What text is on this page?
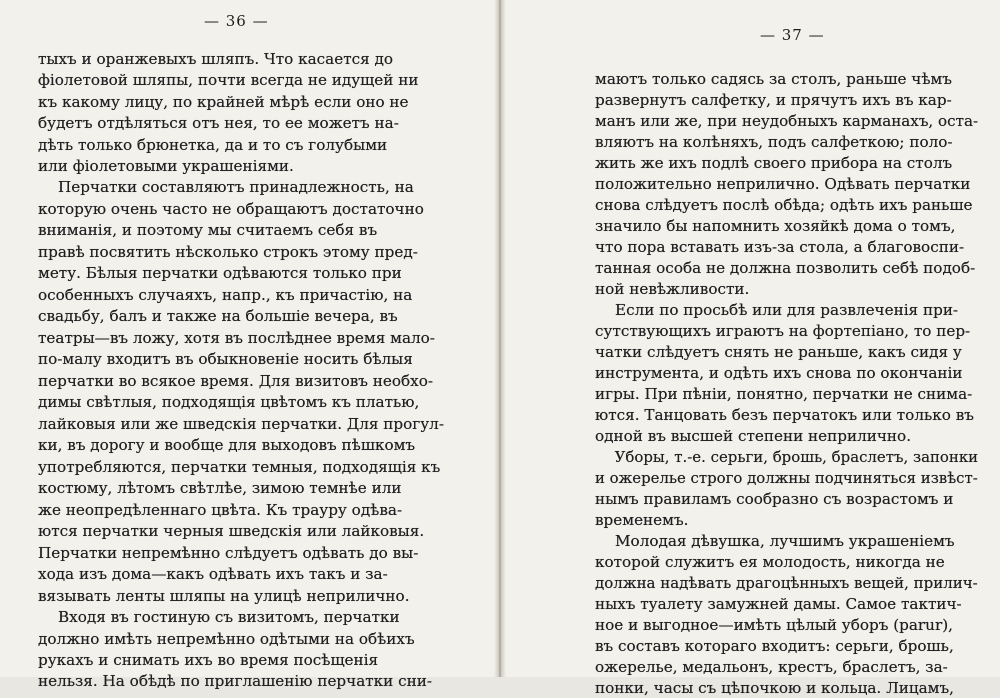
— 36 —
тыхъ и оранжевыхъ шляпъ. Что касается до
фіолетовой шляпы, почти всегда не идущей ни
къ какому лицу, по крайней мѣрѣ если оно не
будетъ отдѣляться отъ нея, то ее можетъ на-
дѣть только брюнетка, да и то съ голубыми
или фіолетовыми украшеніями.
Перчатки составляютъ принадлежность, на
которую очень часто не обращаютъ достаточно
вниманія, и поэтому мы считаемъ себя въ
правѣ посвятить нѣсколько строкъ этому пред-
мету. Бѣлыя перчатки одѣваются только при
особенныхъ случаяхъ, напр., къ причастію, на
свадьбу, балъ и также на большіе вечера, въ
театры—въ ложу, хотя въ послѣднее время мало-
по-малу входитъ въ обыкновеніе носить бѣлыя
перчатки во всякое время. Для визитовъ необхо-
димы свѣтлыя, подходящія цвѣтомъ къ платью,
лайковыя или же шведскія перчатки. Для прогул-
ки, въ дорогу и вообще для выходовъ пѣшкомъ
употребляются, перчатки темныя, подходящія къ
костюму, лѣтомъ свѣтлѣе, зимою темнѣе или
же неопредѣленнаго цвѣта. Къ трауру одѣва-
ются перчатки черныя шведскія или лайковыя.
Перчатки непремѣнно слѣдуетъ одѣвать до вы-
хода изъ дома—какъ одѣвать ихъ такъ и за-
вязывать ленты шляпы на улицѣ неприлично.
Входя въ гостиную съ визитомъ, перчатки
должно имѣть непремѣнно одѣтыми на обѣихъ
рукахъ и снимать ихъ во время посѣщенія
нельзя. На обѣдѣ по приглашенію перчатки сни-
— 37 —
маютъ только садясь за столъ, раньше чѣмъ
развернутъ салфетку, и прячутъ ихъ въ кар-
манъ или же, при неудобныхъ карманахъ, оста-
вляютъ на колѣняхъ, подъ салфеткою; поло-
жить же ихъ подлѣ своего прибора на столъ
положительно неприлично. Одѣвать перчатки
снова слѣдуетъ послѣ обѣда; одѣть ихъ раньше
значило бы напомнить хозяйкѣ дома о томъ,
что пора вставать изъ-за стола, а благовоспи-
танная особа не должна позволить себѣ подоб-
ной невѣжливости.
Если по просьбѣ или для развлеченія при-
сутствующихъ играютъ на фортепіано, то пер-
чатки слѣдуетъ снять не раньше, какъ сидя у
инструмента, и одѣть ихъ снова по окончаніи
игры. При пѣніи, понятно, перчатки не снима-
ются. Танцовать безъ перчатокъ или только въ
одной въ высшей степени неприлично.
Уборы, т.-е. серьги, брошь, браслетъ, запонки
и ожерелье строго должны подчиняться извѣст-
нымъ правиламъ сообразно съ возрастомъ и
временемъ.
Молодая дѣвушка, лучшимъ украшеніемъ
которой служитъ ея молодость, никогда не
должна надѣвать драгоцѣнныхъ вещей, прилич-
ныхъ туалету замужней дамы. Самое тактич-
ное и выгодное—имѣть цѣлый уборъ (parur),
въ составъ котораго входитъ: серьги, брошь,
ожерелье, медальонъ, крестъ, браслетъ, за-
понки, часы съ цѣпочкою и кольца. Лицамъ,
